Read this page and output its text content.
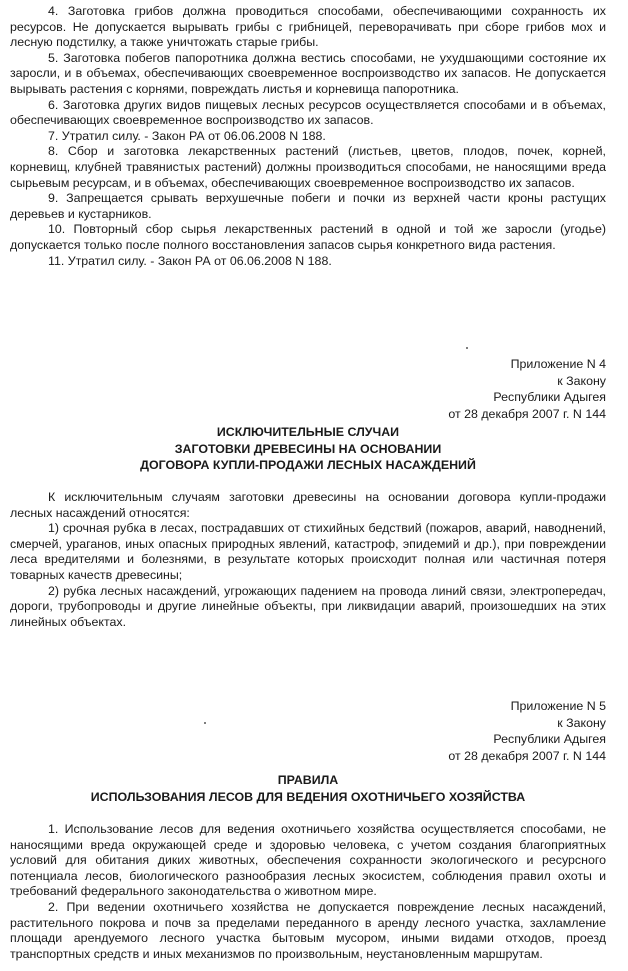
4. Заготовка грибов должна проводиться способами, обеспечивающими сохранность их ресурсов. Не допускается вырывать грибы с грибницей, переворачивать при сборе грибов мох и лесную подстилку, а также уничтожать старые грибы.

5. Заготовка побегов папоротника должна вестись способами, не ухудшающими состояние их заросли, и в объемах, обеспечивающих своевременное воспроизводство их запасов. Не допускается вырывать растения с корнями, повреждать листья и корневища папоротника.

6. Заготовка других видов пищевых лесных ресурсов осуществляется способами и в объемах, обеспечивающих своевременное воспроизводство их запасов.

7. Утратил силу. - Закон РА от 06.06.2008 N 188.

8. Сбор и заготовка лекарственных растений (листьев, цветов, плодов, почек, корней, корневищ, клубней травянистых растений) должны производиться способами, не наносящими вреда сырьевым ресурсам, и в объемах, обеспечивающих своевременное воспроизводство их запасов.

9. Запрещается срывать верхушечные побеги и почки из верхней части кроны растущих деревьев и кустарников.

10. Повторный сбор сырья лекарственных растений в одной и той же заросли (угодье) допускается только после полного восстановления запасов сырья конкретного вида растения.

11. Утратил силу. - Закон РА от 06.06.2008 N 188.

Приложение N 4
к Закону
Республики Адыгея
от 28 декабря 2007 г. N 144
ИСКЛЮЧИТЕЛЬНЫЕ СЛУЧАИ
ЗАГОТОВКИ ДРЕВЕСИНЫ НА ОСНОВАНИИ
ДОГОВОРА КУПЛИ-ПРОДАЖИ ЛЕСНЫХ НАСАЖДЕНИЙ

К исключительным случаям заготовки древесины на основании договора купли-продажи лесных насаждений относятся:

1) срочная рубка в лесах, пострадавших от стихийных бедствий (пожаров, аварий, наводнений, смерчей, ураганов, иных опасных природных явлений, катастроф, эпидемий и др.), при повреждении леса вредителями и болезнями, в результате которых происходит полная или частичная потеря товарных качеств древесины;

2) рубка лесных насаждений, угрожающих падением на провода линий связи, электропередач, дороги, трубопроводы и другие линейные объекты, при ликвидации аварий, произошедших на этих линейных объектах.

Приложение N 5
к Закону
Республики Адыгея
от 28 декабря 2007 г. N 144
ПРАВИЛА
ИСПОЛЬЗОВАНИЯ ЛЕСОВ ДЛЯ ВЕДЕНИЯ ОХОТНИЧЬЕГО ХОЗЯЙСТВА

1. Использование лесов для ведения охотничьего хозяйства осуществляется способами, не наносящими вреда окружающей среде и здоровью человека, с учетом создания благоприятных условий для обитания диких животных, обеспечения сохранности экологического и ресурсного потенциала лесов, биологического разнообразия лесных экосистем, соблюдения правил охоты и требований федерального законодательства о животном мире.

2. При ведении охотничьего хозяйства не допускается повреждение лесных насаждений, растительного покрова и почв за пределами переданного в аренду лесного участка, захламление площади арендуемого лесного участка бытовым мусором, иными видами отходов, проезд транспортных средств и иных механизмов по произвольным, неустановленным маршрутам.
